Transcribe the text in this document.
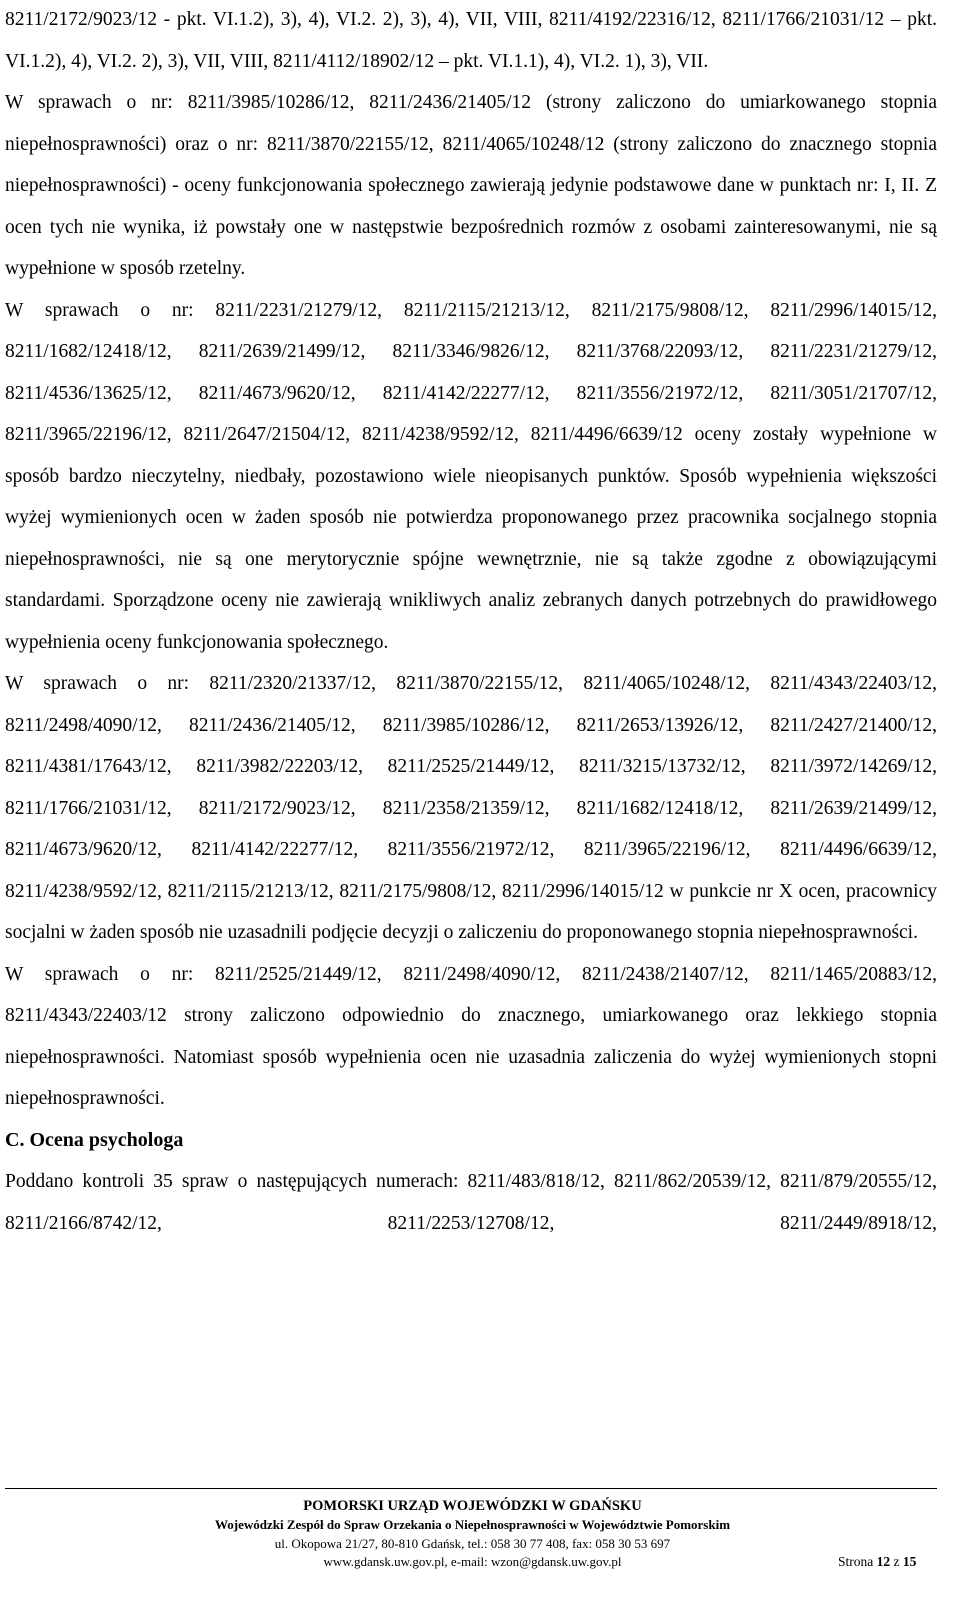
8211/2172/9023/12 - pkt. VI.1.2), 3), 4), VI.2. 2), 3), 4), VII, VIII, 8211/4192/22316/12, 8211/1766/21031/12 – pkt. VI.1.2), 4), VI.2. 2), 3), VII, VIII, 8211/4112/18902/12 – pkt. VI.1.1), 4), VI.2. 1), 3), VII.

W sprawach o nr: 8211/3985/10286/12, 8211/2436/21405/12 (strony zaliczono do umiarkowanego stopnia niepełnosprawności) oraz o nr: 8211/3870/22155/12, 8211/4065/10248/12 (strony zaliczono do znacznego stopnia niepełnosprawności) - oceny funkcjonowania społecznego zawierają jedynie podstawowe dane w punktach nr: I, II. Z ocen tych nie wynika, iż powstały one w następstwie bezpośrednich rozmów z osobami zainteresowanymi, nie są wypełnione w sposób rzetelny.

W sprawach o nr: 8211/2231/21279/12, 8211/2115/21213/12, 8211/2175/9808/12, 8211/2996/14015/12, 8211/1682/12418/12, 8211/2639/21499/12, 8211/3346/9826/12, 8211/3768/22093/12, 8211/2231/21279/12, 8211/4536/13625/12, 8211/4673/9620/12, 8211/4142/22277/12, 8211/3556/21972/12, 8211/3051/21707/12, 8211/3965/22196/12, 8211/2647/21504/12, 8211/4238/9592/12, 8211/4496/6639/12 oceny zostały wypełnione w sposób bardzo nieczytelny, niedbały, pozostawiono wiele nieopisanych punktów. Sposób wypełnienia większości wyżej wymienionych ocen w żaden sposób nie potwierdza proponowanego przez pracownika socjalnego stopnia niepełnosprawności, nie są one merytorycznie spójne wewnętrznie, nie są także zgodne z obowiązującymi standardami. Sporządzone oceny nie zawierają wnikliwych analiz zebranych danych potrzebnych do prawidłowego wypełnienia oceny funkcjonowania społecznego.

W sprawach o nr: 8211/2320/21337/12, 8211/3870/22155/12, 8211/4065/10248/12, 8211/4343/22403/12, 8211/2498/4090/12, 8211/2436/21405/12, 8211/3985/10286/12, 8211/2653/13926/12, 8211/2427/21400/12, 8211/4381/17643/12, 8211/3982/22203/12, 8211/2525/21449/12, 8211/3215/13732/12, 8211/3972/14269/12, 8211/1766/21031/12, 8211/2172/9023/12, 8211/2358/21359/12, 8211/1682/12418/12, 8211/2639/21499/12, 8211/4673/9620/12, 8211/4142/22277/12, 8211/3556/21972/12, 8211/3965/22196/12, 8211/4496/6639/12, 8211/4238/9592/12, 8211/2115/21213/12, 8211/2175/9808/12, 8211/2996/14015/12 w punkcie nr X ocen, pracownicy socjalni w żaden sposób nie uzasadnili podjęcie decyzji o zaliczeniu do proponowanego stopnia niepełnosprawności.

W sprawach o nr: 8211/2525/21449/12, 8211/2498/4090/12, 8211/2438/21407/12, 8211/1465/20883/12, 8211/4343/22403/12 strony zaliczono odpowiednio do znacznego, umiarkowanego oraz lekkiego stopnia niepełnosprawności. Natomiast sposób wypełnienia ocen nie uzasadnia zaliczenia do wyżej wymienionych stopni niepełnosprawności.

C. Ocena psychologa

Poddano kontroli 35 spraw o następujących numerach: 8211/483/818/12, 8211/862/20539/12, 8211/879/20555/12, 8211/2166/8742/12, 8211/2253/12708/12, 8211/2449/8918/12,

POMORSKI URZĄD WOJEWÓDZKI W GDAŃSKU
Wojewódzki Zespół do Spraw Orzekania o Niepełnosprawności w Województwie Pomorskim
ul. Okopowa 21/27, 80-810 Gdańsk, tel.: 058 30 77 408, fax: 058 30 53 697
www.gdansk.uw.gov.pl, e-mail: wzon@gdansk.uw.gov.pl	Strona 12 z 15
